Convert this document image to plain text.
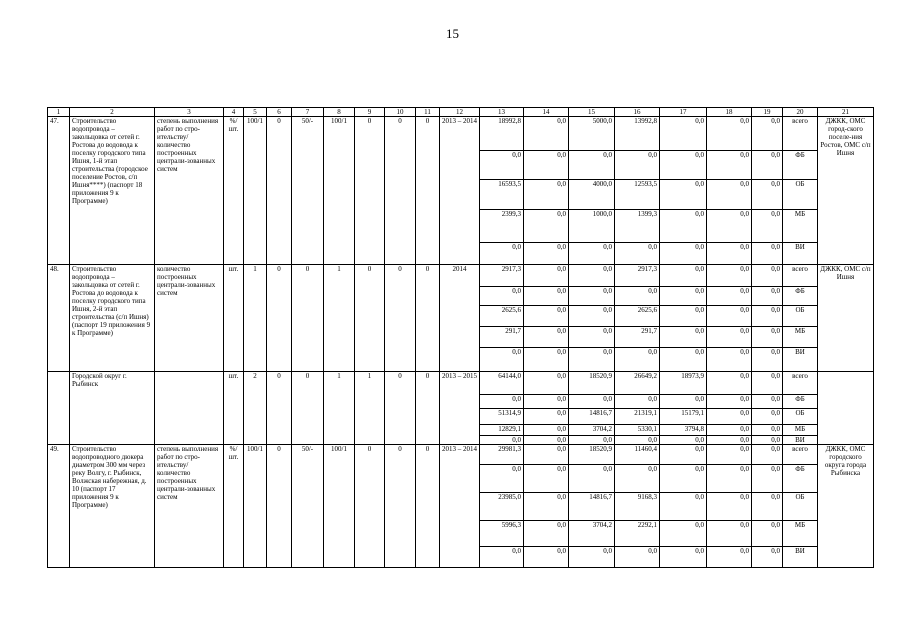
15
1	2	3	4	5	6	7	8	9	10	11	12	13	14	15	16	17	18	19	20	21
47.	Строительство водопровода – закольцовка от сетей г. Ростова до водовода к поселку городского типа Ишня, 1-й этап строительства (городское поселение Ростов, с/п Ишня****) (паспорт 18 приложения 9 к Программе)	степень выполнения работ по стро-ительству/ количество построенных централи-зованных систем	%/ шт.	100/1	0	50/-	100/1	0	0	0	2013 – 2014	18992,8	0,0	5000,0	13992,8	0,0	0,0	0,0	всего	ДЖКК, ОМС город-ского поселе-ния Ростов, ОМС с/п Ишня
												0,0	0,0	0,0	0,0	0,0	0,0	0,0	ФБ	
												16593,5	0,0	4000,0	12593,5	0,0	0,0	0,0	ОБ	
												2399,3	0,0	1000,0	1399,3	0,0	0,0	0,0	МБ	
												0,0	0,0	0,0	0,0	0,0	0,0	0,0	ВИ	
48.	Строительство водопровода – закольцовка от сетей г. Ростова до водовода к поселку городского типа Ишня, 2-й этап строительства (с/п Ишня) (паспорт 19 приложения 9 к Программе)	количество построенных централи-зованных систем	шт.	1	0	0	1	0	0	0	2014	2917,3	0,0	0,0	2917,3	0,0	0,0	0,0	всего	ДЖКК, ОМС с/п Ишня
												0,0	0,0	0,0	0,0	0,0	0,0	0,0	ФБ	
												2625,6	0,0	0,0	2625,6	0,0	0,0	0,0	ОБ	
												291,7	0,0	0,0	291,7	0,0	0,0	0,0	МБ	
												0,0	0,0	0,0	0,0	0,0	0,0	0,0	ВИ	
	Городской округ г. Рыбинск		шт.	2	0	0	1	1	0	0	2013 – 2015	64144,0	0,0	18520,9	26649,2	18973,9	0,0	0,0	всего	
												0,0	0,0	0,0	0,0	0,0	0,0	0,0	ФБ	
												51314,9	0,0	14816,7	21319,1	15179,1	0,0	0,0	ОБ	
												12829,1	0,0	3704,2	5330,1	3794,8	0,0	0,0	МБ	
												0,0	0,0	0,0	0,0	0,0	0,0	0,0	ВИ	
49.	Строительство водопроводного дюкера диаметром 300 мм через реку Волгу, г. Рыбинск, Волжская набережная, д. 10 (паспорт 17 приложения 9 к Программе)	степень выполнения работ по стро-ительству/ количество построенных централи-зованных систем	%/ шт.	100/1	0	50/-	100/1	0	0	0	2013 – 2014	29981,3	0,0	18520,9	11460,4	0,0	0,0	0,0	всего	ДЖКК, ОМС городского округа города Рыбинска
												0,0	0,0	0,0	0,0	0,0	0,0	0,0	ФБ	
												23985,0	0,0	14816,7	9168,3	0,0	0,0	0,0	ОБ	
												5996,3	0,0	3704,2	2292,1	0,0	0,0	0,0	МБ	
												0,0	0,0	0,0	0,0	0,0	0,0	0,0	ВИ	
